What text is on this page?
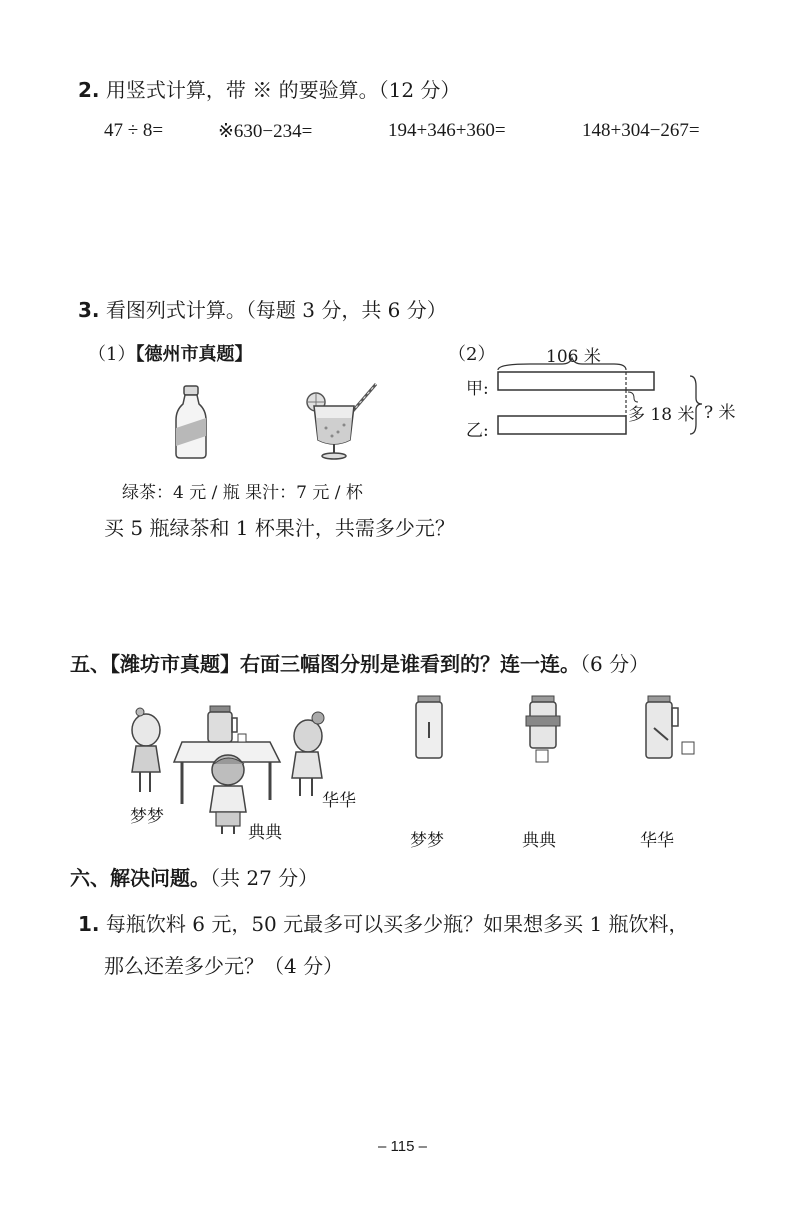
2. 用竖式计算，带 ※ 的要验算。（12 分）
47 ÷ 8=	※630−234=	194+346+360=	148+304−267=
3. 看图列式计算。（每题 3 分，共 6 分）
（1）【德州市真题】
绿茶：4 元 / 瓶 果汁：7 元 / 杯
买 5 瓶绿茶和 1 杯果汁，共需多少元？
（2）	106 米
甲:
乙:
多 18 米 ? 米
五、【潍坊市真题】右面三幅图分别是谁看到的？连一连。（6 分）
梦梦
典典
华华
梦梦	典典	华华
六、解决问题。（共 27 分）
1. 每瓶饮料 6 元，50 元最多可以买多少瓶？如果想多买 1 瓶饮料，
那么还差多少元？（4 分）
– 115 –
